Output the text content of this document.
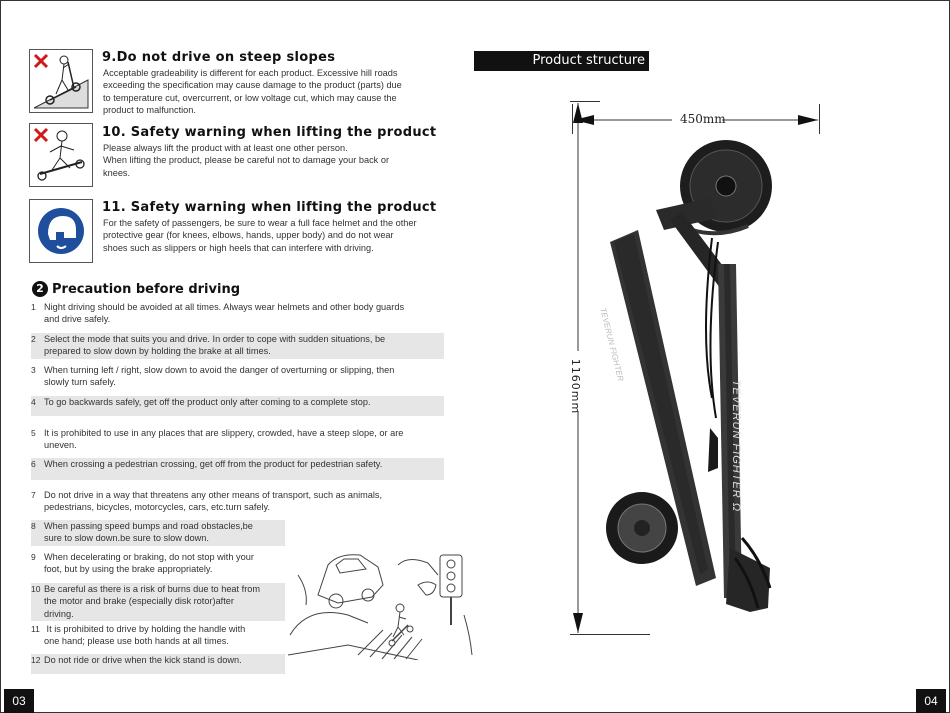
9.Do not drive on steep slopes
Acceptable gradeability is different for each product. Excessive hill roads
exceeding the specification may cause damage to the product (parts) due
to temperature cut, overcurrent, or low voltage cut, which may cause the
product to malfunction.
10. Safety warning when lifting the product
Please always lift the product with at least one other person.
When lifting the product, please be careful not to damage your back or
knees.
11. Safety warning when lifting the product
For the safety of passengers, be sure to wear a full face helmet and the other
protective gear (for knees, elbows, hands, upper body) and do not wear
shoes such as slippers or high heels that can interfere with driving.
2 Precaution before driving
1 Night driving should be avoided at all times. Always wear helmets and other body guards
and drive safely.
2 Select the mode that suits you and drive. In order to cope with sudden situations, be
prepared to slow down by holding the brake at all times.
3 When turning left / right, slow down to avoid the danger of overturning or slipping, then
slowly turn safely.
4 To go backwards safely, get off the product only after coming to a complete stop.
5 It is prohibited to use in any places that are slippery, crowded, have a steep slope, or are
uneven.
6 When crossing a pedestrian crossing, get off from the product for pedestrian safety.
7 Do not drive in a way that threatens any other means of transport, such as animals,
pedestrians, bicycles, motorcycles, cars, etc.turn safely.
8 When passing speed bumps and road obstacles,be
sure to slow down.be sure to slow down.
9 When decelerating or braking, do not stop with your
foot, but by using the brake appropriately.
10 Be careful as there is a risk of burns due to heat from
the motor and brake (especially disk rotor)after
driving.
11 It is prohibited to drive by holding the handle with
one hand; please use both hands at all times.
12 Do not ride or drive when the kick stand is down.
03	04
Product structure
450mm
1160mm
TEVERUN FIGHTER
TEVERUN FIGHTER Ω
